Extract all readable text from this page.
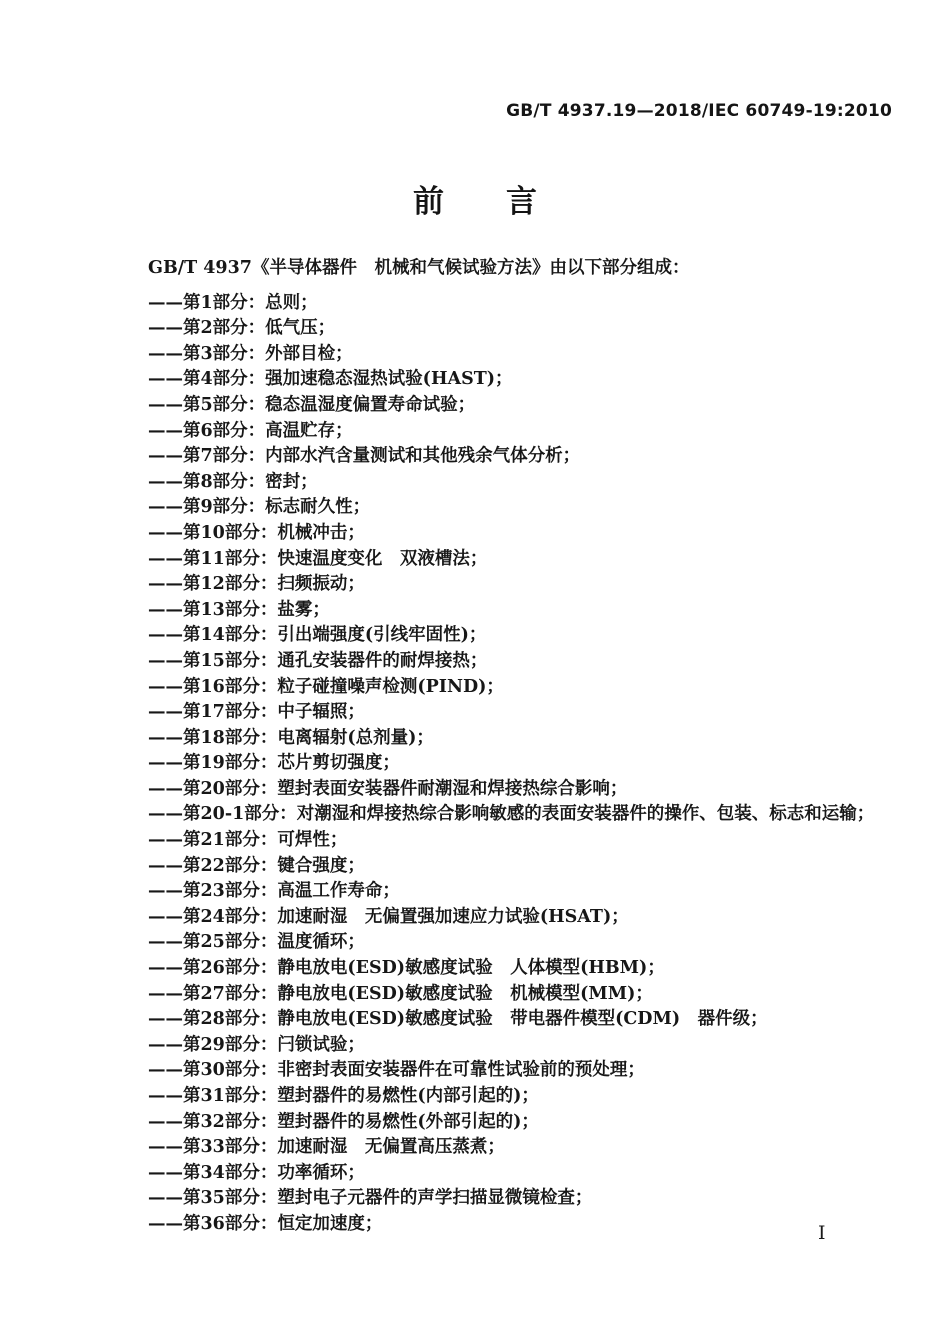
GB/T 4937.19—2018/IEC 60749-19:2010
前　　言

GB/T 4937《半导体器件　机械和气候试验方法》由以下部分组成：

——第1部分：总则；
——第2部分：低气压；
——第3部分：外部目检；
——第4部分：强加速稳态湿热试验(HAST)；
——第5部分：稳态温湿度偏置寿命试验；
——第6部分：高温贮存；
——第7部分：内部水汽含量测试和其他残余气体分析；
——第8部分：密封；
——第9部分：标志耐久性；
——第10部分：机械冲击；
——第11部分：快速温度变化　双液槽法；
——第12部分：扫频振动；
——第13部分：盐雾；
——第14部分：引出端强度(引线牢固性)；
——第15部分：通孔安装器件的耐焊接热；
——第16部分：粒子碰撞噪声检测(PIND)；
——第17部分：中子辐照；
——第18部分：电离辐射(总剂量)；
——第19部分：芯片剪切强度；
——第20部分：塑封表面安装器件耐潮湿和焊接热综合影响；
——第20-1部分：对潮湿和焊接热综合影响敏感的表面安装器件的操作、包装、标志和运输；
——第21部分：可焊性；
——第22部分：键合强度；
——第23部分：高温工作寿命；
——第24部分：加速耐湿　无偏置强加速应力试验(HSAT)；
——第25部分：温度循环；
——第26部分：静电放电(ESD)敏感度试验　人体模型(HBM)；
——第27部分：静电放电(ESD)敏感度试验　机械模型(MM)；
——第28部分：静电放电(ESD)敏感度试验　带电器件模型(CDM)　器件级；
——第29部分：闩锁试验；
——第30部分：非密封表面安装器件在可靠性试验前的预处理；
——第31部分：塑封器件的易燃性(内部引起的)；
——第32部分：塑封器件的易燃性(外部引起的)；
——第33部分：加速耐湿　无偏置高压蒸煮；
——第34部分：功率循环；
——第35部分：塑封电子元器件的声学扫描显微镜检查；
——第36部分：恒定加速度；	I
